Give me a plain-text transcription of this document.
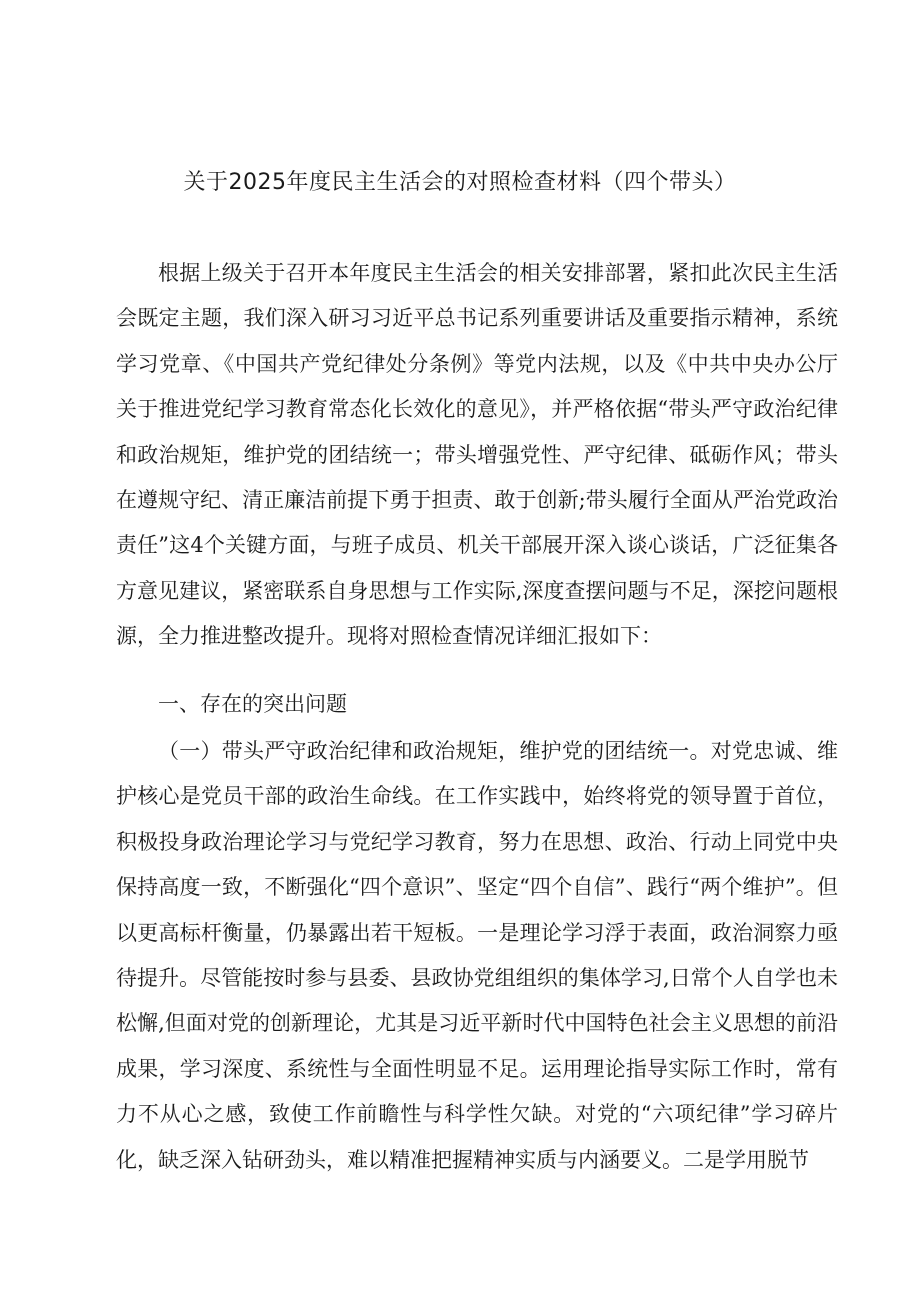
关于2025年度民主生活会的对照检查材料（四个带头）

根据上级关于召开本年度民主生活会的相关安排部署，紧扣此次民主生活会既定主题，我们深入研习习近平总书记系列重要讲话及重要指示精神，系统学习党章、《中国共产党纪律处分条例》等党内法规，以及《中共中央办公厅关于推进党纪学习教育常态化长效化的意见》，并严格依据“带头严守政治纪律和政治规矩，维护党的团结统一；带头增强党性、严守纪律、砥砺作风；带头在遵规守纪、清正廉洁前提下勇于担责、敢于创新;带头履行全面从严治党政治责任”这4个关键方面，与班子成员、机关干部展开深入谈心谈话，广泛征集各方意见建议，紧密联系自身思想与工作实际,深度查摆问题与不足，深挖问题根源，全力推进整改提升。现将对照检查情况详细汇报如下：

一、存在的突出问题

（一）带头严守政治纪律和政治规矩，维护党的团结统一。对党忠诚、维护核心是党员干部的政治生命线。在工作实践中，始终将党的领导置于首位，积极投身政治理论学习与党纪学习教育，努力在思想、政治、行动上同党中央保持高度一致，不断强化“四个意识”、坚定“四个自信”、践行“两个维护”。但以更高标杆衡量，仍暴露出若干短板。一是理论学习浮于表面，政治洞察力亟待提升。尽管能按时参与县委、县政协党组组织的集体学习,日常个人自学也未松懈,但面对党的创新理论，尤其是习近平新时代中国特色社会主义思想的前沿成果，学习深度、系统性与全面性明显不足。运用理论指导实际工作时，常有力不从心之感，致使工作前瞻性与科学性欠缺。对党的“六项纪律”学习碎片化，缺乏深入钻研劲头，难以精准把握精神实质与内涵要义。二是学用脱节
